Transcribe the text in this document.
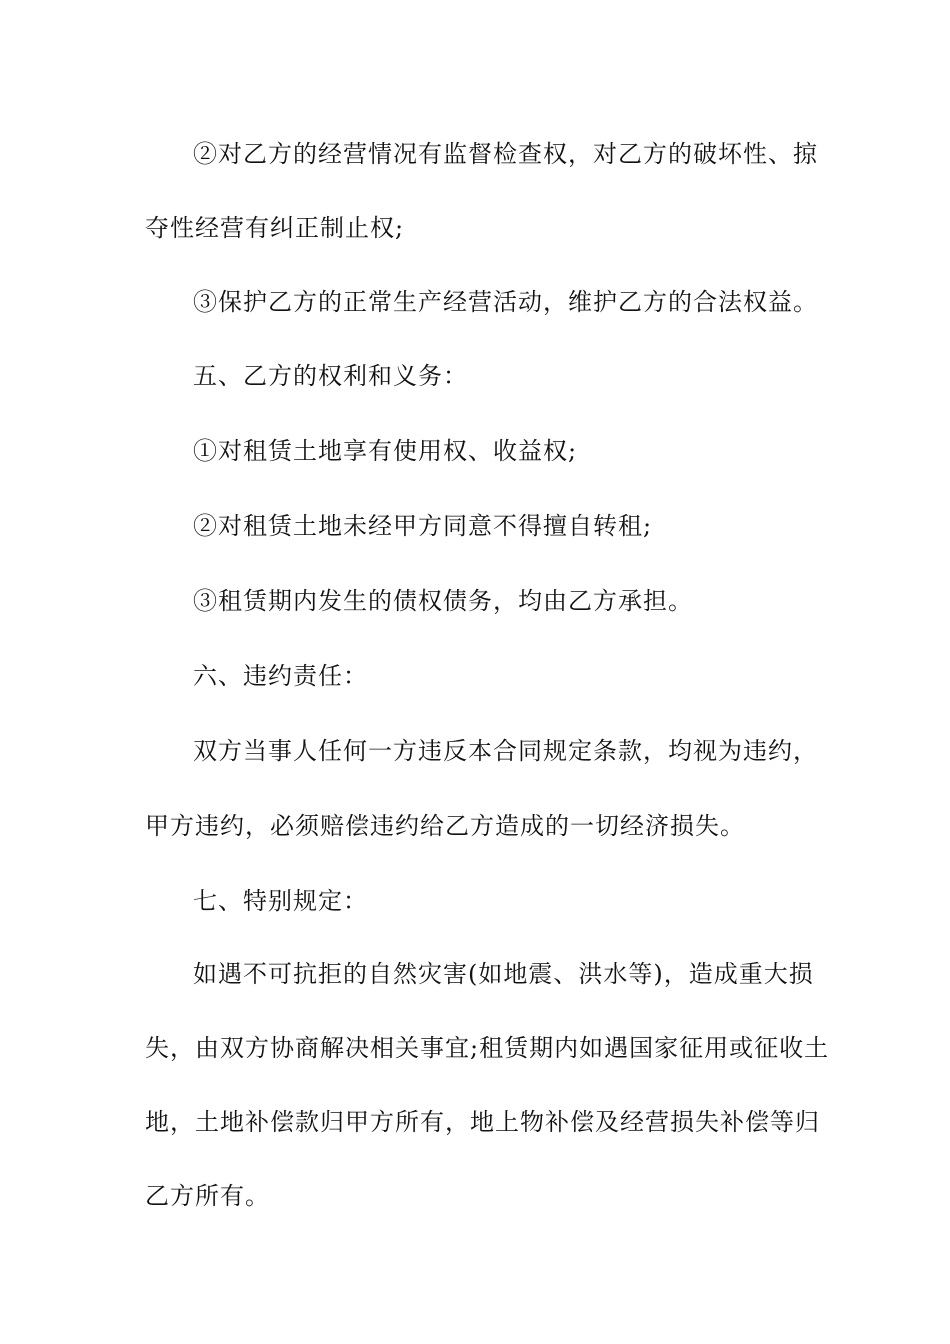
②对乙方的经营情况有监督检查权，对乙方的破坏性、掠
夺性经营有纠正制止权;
③保护乙方的正常生产经营活动，维护乙方的合法权益。
五、乙方的权利和义务：
①对租赁土地享有使用权、收益权;
②对租赁土地未经甲方同意不得擅自转租;
③租赁期内发生的债权债务，均由乙方承担。
六、违约责任：
双方当事人任何一方违反本合同规定条款，均视为违约，
甲方违约，必须赔偿违约给乙方造成的一切经济损失。
七、特别规定：
如遇不可抗拒的自然灾害(如地震、洪水等)，造成重大损
失，由双方协商解决相关事宜;租赁期内如遇国家征用或征收土
地，土地补偿款归甲方所有，地上物补偿及经营损失补偿等归
乙方所有。
